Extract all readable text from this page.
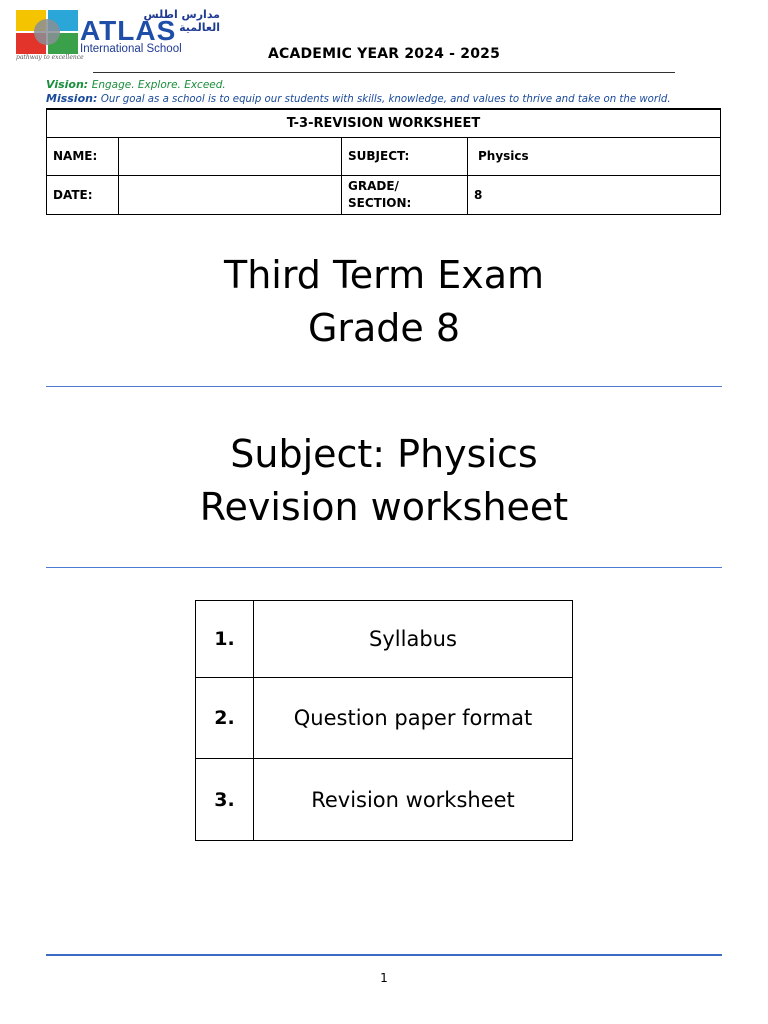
مدارس اطلس العالمية
ATLAS
International School
pathway to excellence	ACADEMIC YEAR 2024 - 2025
Vision: Engage. Explore. Exceed.
Mission: Our goal as a school is to equip our students with skills, knowledge, and values to thrive and take on the world.
T-3-REVISION WORKSHEET			
NAME:		SUBJECT:	Physics
DATE:		GRADE/
SECTION:	8
Third Term Exam
Grade 8
Subject: Physics
Revision worksheet
1.	Syllabus
2.	Question paper format
3.	Revision worksheet
1
